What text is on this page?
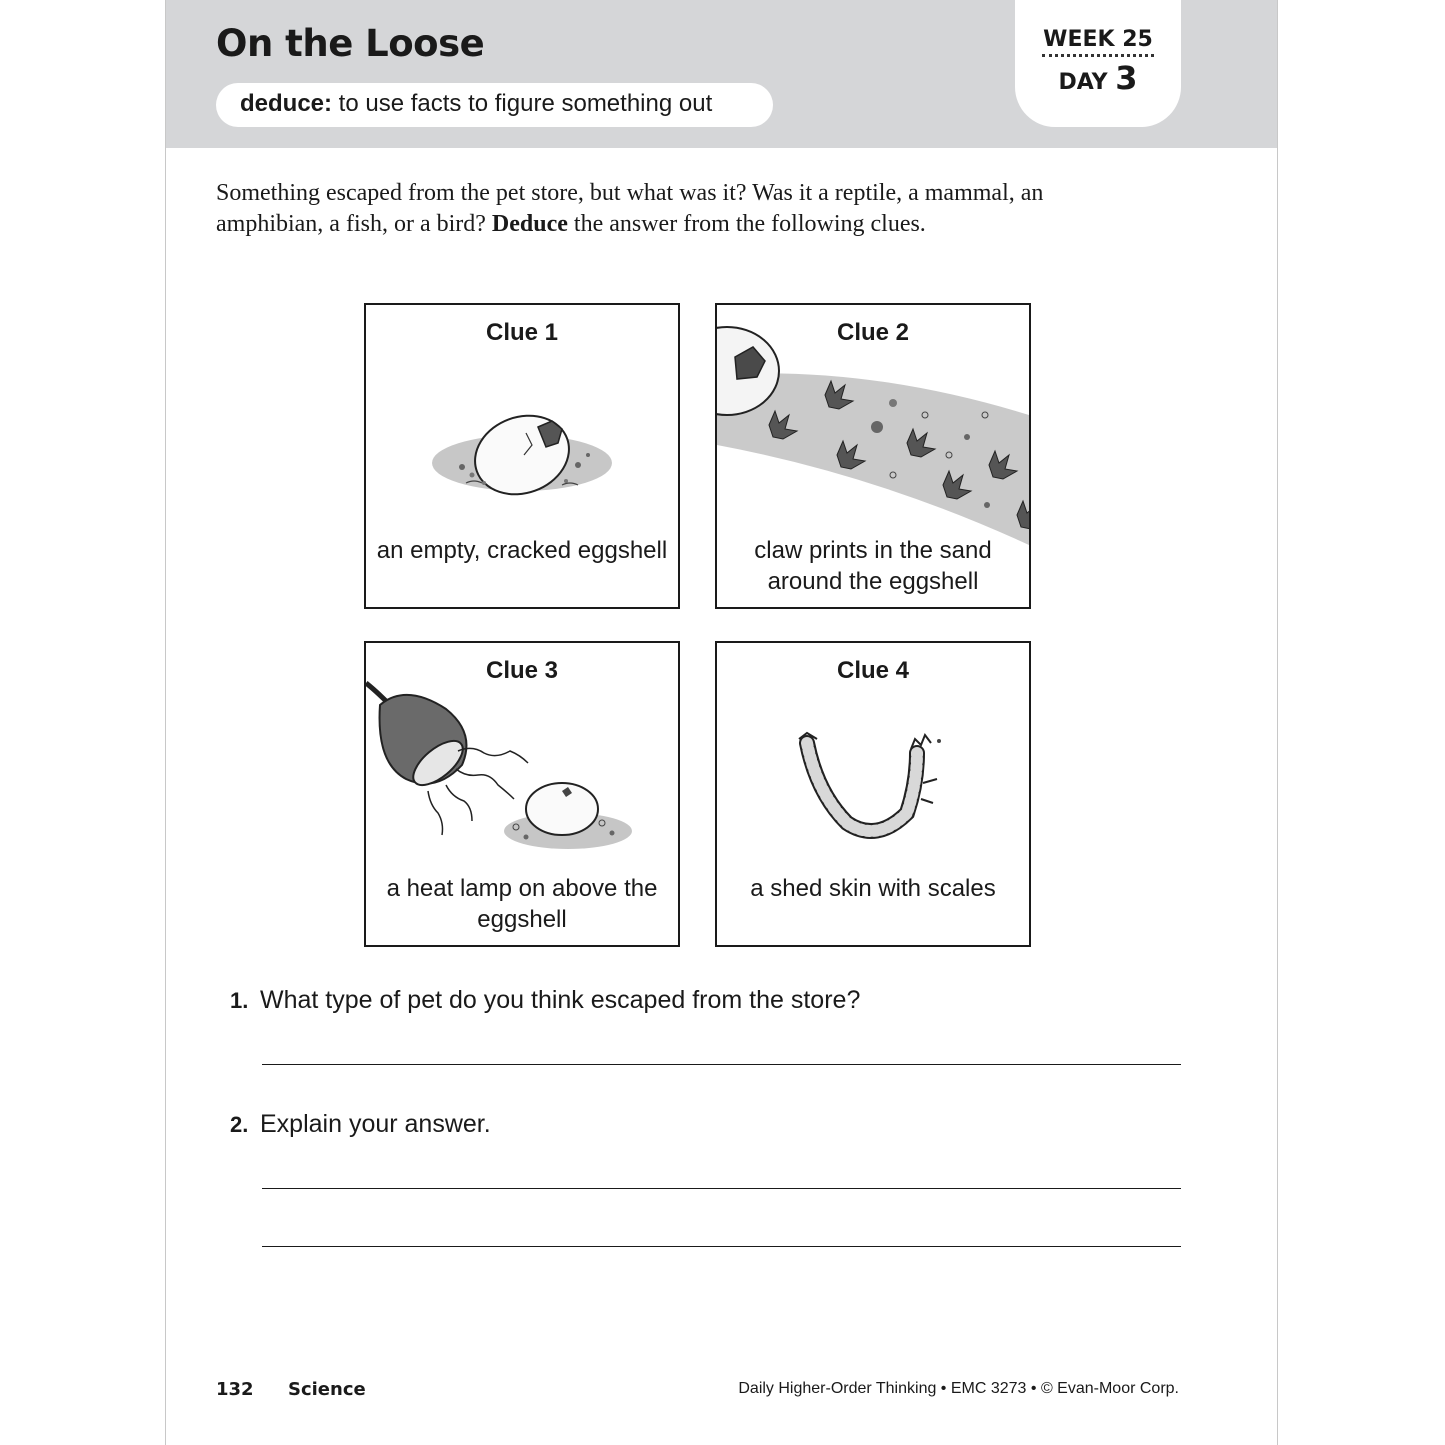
On the Loose
deduce: to use facts to figure something out
WEEK 25
DAY 3

Something escaped from the pet store, but what was it? Was it a reptile, a mammal, an amphibian, a fish, or a bird? Deduce the answer from the following clues.

Clue 1
an empty, cracked eggshell
Clue 2
claw prints in the sand around the eggshell
Clue 3
a heat lamp on above the eggshell
Clue 4
a shed skin with scales
1. What type of pet do you think escaped from the store?
2. Explain your answer.
132 Science	Daily Higher-Order Thinking • EMC 3273 • © Evan-Moor Corp.
